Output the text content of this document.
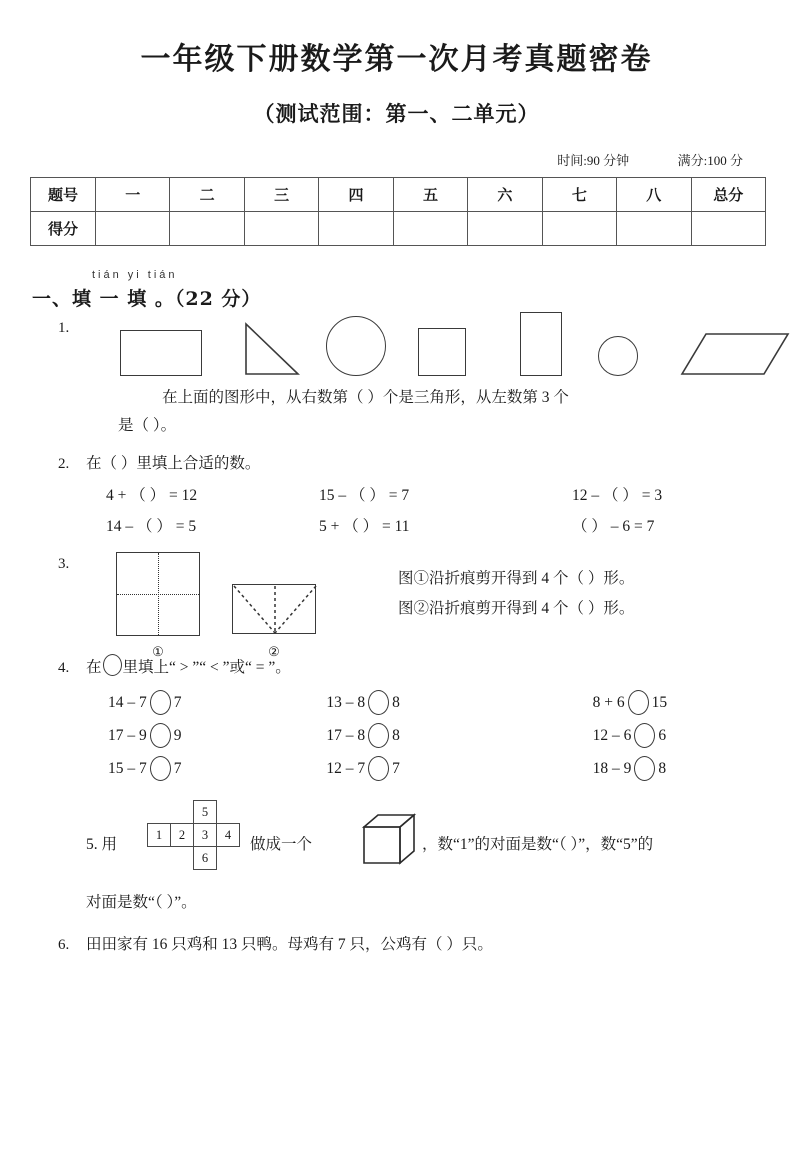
一年级下册数学第一次月考真题密卷
（测试范围：第一、二单元）
时间:90 分钟	满分:100 分
题号	一	二	三	四	五	六	七	八	总分
得分									
tián yi tián
一、填 一 填 。（22 分）
1.
在上面的图形中，从右数第（ ）个是三角形，从左数第 3 个
是（ ）。
2. 在（ ）里填上合适的数。
4 + （ ） = 12	15 – （ ） = 7	12 – （ ） = 3
14 – （ ） = 5	5 + （ ） = 11	（ ） – 6 = 7
3.
①	②
图①沿折痕剪开得到 4 个（ ）形。
图②沿折痕剪开得到 4 个（ ）形。
4. 在 里填上“ > ”“ < ”或“ = ”。
14 – 7 7	13 – 8 8	8 + 6 15
17 – 9 9	17 – 8 8	12 – 6 6
15 – 7 7	12 – 7 7	18 – 9 8
5. 用
1	2	3	4
5
6
做成一个	，数“1”的对面是数“（ ）”，数“5”的
对面是数“（ ）”。
6. 田田家有 16 只鸡和 13 只鸭。母鸡有 7 只，公鸡有（ ）只。
